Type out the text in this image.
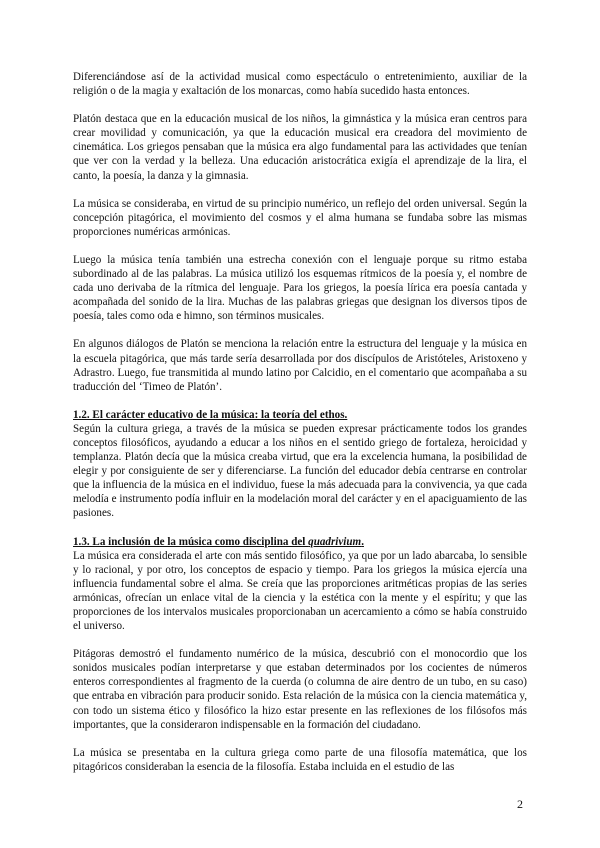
Diferenciándose así de la actividad musical como espectáculo o entretenimiento, auxiliar de la religión o de la magia y exaltación de los monarcas, como había sucedido hasta entonces.

Platón destaca que en la educación musical de los niños, la gimnástica y la música eran centros para crear movilidad y comunicación, ya que la educación musical era creadora del movimiento de cinemática. Los griegos pensaban que la música era algo fundamental para las actividades que tenían que ver con la verdad y la belleza. Una educación aristocrática exigía el aprendizaje de la lira, el canto, la poesía, la danza y la gimnasia.

La música se consideraba, en virtud de su principio numérico, un reflejo del orden universal. Según la concepción pitagórica, el movimiento del cosmos y el alma humana se fundaba sobre las mismas proporciones numéricas armónicas.

Luego la música tenía también una estrecha conexión con el lenguaje porque su ritmo estaba subordinado al de las palabras. La música utilizó los esquemas rítmicos de la poesía y, el nombre de cada uno derivaba de la rítmica del lenguaje. Para los griegos, la poesía lírica era poesía cantada y acompañada del sonido de la lira. Muchas de las palabras griegas que designan los diversos tipos de poesía, tales como oda e himno, son términos musicales.

En algunos diálogos de Platón se menciona la relación entre la estructura del lenguaje y la música en la escuela pitagórica, que más tarde sería desarrollada por dos discípulos de Aristóteles, Aristoxeno y Adrastro. Luego, fue transmitida al mundo latino por Calcidio, en el comentario que acompañaba a su traducción del ‘Timeo de Platón’.

1.2. El carácter educativo de la música: la teoría del ethos.

Según la cultura griega, a través de la música se pueden expresar prácticamente todos los grandes conceptos filosóficos, ayudando a educar a los niños en el sentido griego de fortaleza, heroicidad y templanza. Platón decía que la música creaba virtud, que era la excelencia humana, la posibilidad de elegir y por consiguiente de ser y diferenciarse. La función del educador debía centrarse en controlar que la influencia de la música en el individuo, fuese la más adecuada para la convivencia, ya que cada melodía e instrumento podía influir en la modelación moral del carácter y en el apaciguamiento de las pasiones.

1.3. La inclusión de la música como disciplina del quadrivium.

La música era considerada el arte con más sentido filosófico, ya que por un lado abarcaba, lo sensible y lo racional, y por otro, los conceptos de espacio y tiempo. Para los griegos la música ejercía una influencia fundamental sobre el alma. Se creía que las proporciones aritméticas propias de las series armónicas, ofrecían un enlace vital de la ciencia y la estética con la mente y el espíritu; y que las proporciones de los intervalos musicales proporcionaban un acercamiento a cómo se había construido el universo.

Pitágoras demostró el fundamento numérico de la música, descubrió con el monocordio que los sonidos musicales podían interpretarse y que estaban determinados por los cocientes de números enteros correspondientes al fragmento de la cuerda (o columna de aire dentro de un tubo, en su caso) que entraba en vibración para producir sonido. Esta relación de la música con la ciencia matemática y, con todo un sistema ético y filosófico la hizo estar presente en las reflexiones de los filósofos más importantes, que la consideraron indispensable en la formación del ciudadano.

La música se presentaba en la cultura griega como parte de una filosofía matemática, que los pitagóricos consideraban la esencia de la filosofía. Estaba incluida en el estudio de las

2
